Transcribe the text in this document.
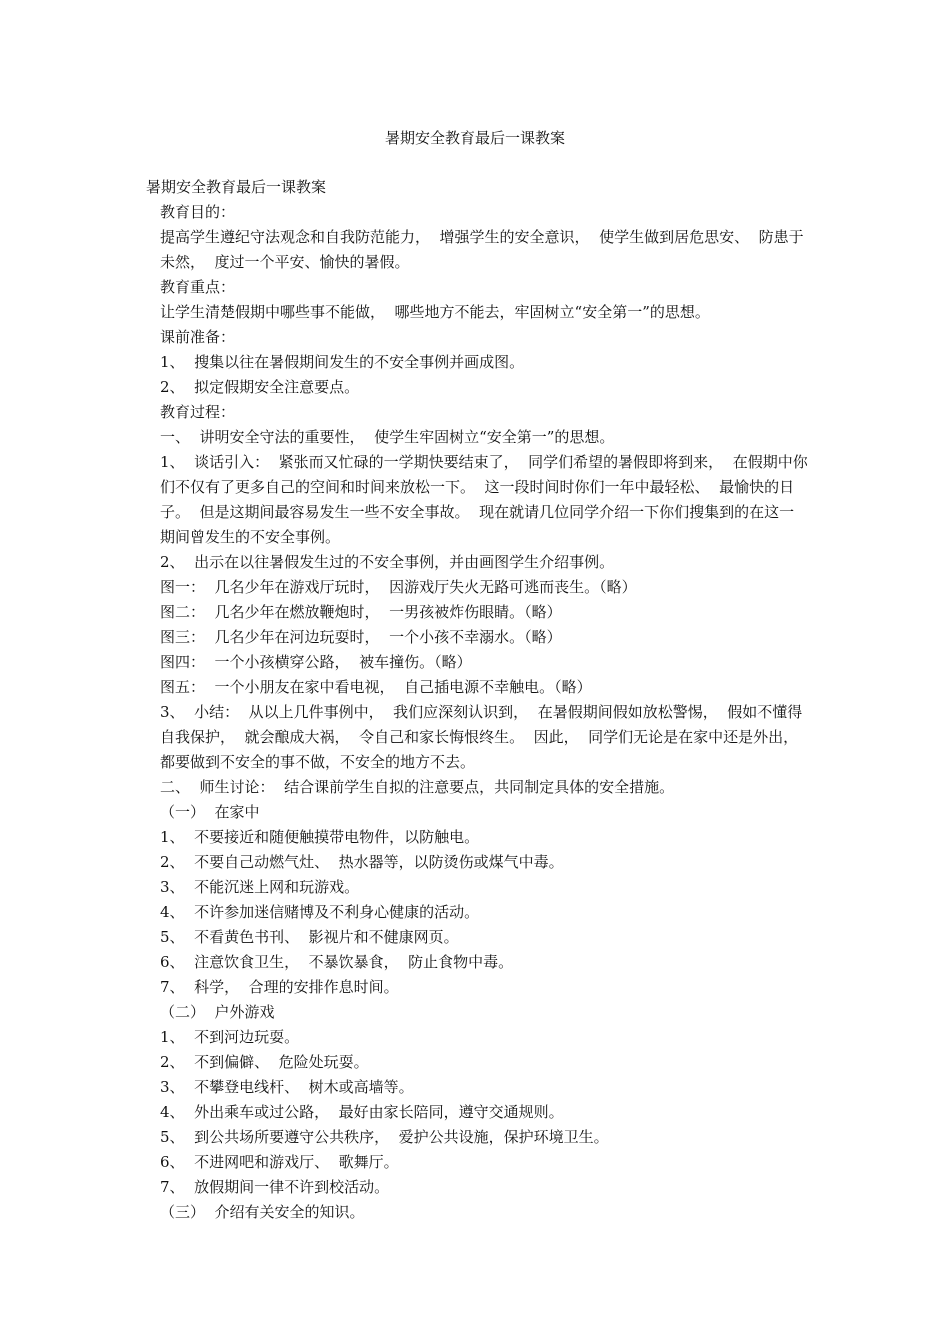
暑期安全教育最后一课教案

暑期安全教育最后一课教案

教育目的：

提高学生遵纪守法观念和自我防范能力，  增强学生的安全意识，  使学生做到居危思安、  防患于未然，  度过一个平安、愉快的暑假。

教育重点：

让学生清楚假期中哪些事不能做，  哪些地方不能去，牢固树立“安全第一”的思想。

课前准备：

1、  搜集以往在暑假期间发生的不安全事例并画成图。

2、  拟定假期安全注意要点。

教育过程：

一、  讲明安全守法的重要性，  使学生牢固树立“安全第一”的思想。

1、  谈话引入：  紧张而又忙碌的一学期快要结束了，  同学们希望的暑假即将到来，  在假期中你们不仅有了更多自己的空间和时间来放松一下。  这一段时间时你们一年中最轻松、  最愉快的日子。  但是这期间最容易发生一些不安全事故。  现在就请几位同学介绍一下你们搜集到的在这一期间曾发生的不安全事例。

2、  出示在以往暑假发生过的不安全事例，并由画图学生介绍事例。

图一：  几名少年在游戏厅玩时，  因游戏厅失火无路可逃而丧生。（略）

图二：  几名少年在燃放鞭炮时，  一男孩被炸伤眼睛。（略）

图三：  几名少年在河边玩耍时，  一个小孩不幸溺水。（略）

图四：  一个小孩横穿公路，  被车撞伤。（略）

图五：  一个小朋友在家中看电视，  自己插电源不幸触电。（略）

3、  小结：  从以上几件事例中，  我们应深刻认识到，  在暑假期间假如放松警惕，  假如不懂得自我保护，  就会酿成大祸，  令自己和家长悔恨终生。  因此，  同学们无论是在家中还是外出，  都要做到不安全的事不做，不安全的地方不去。

二、  师生讨论：  结合课前学生自拟的注意要点，共同制定具体的安全措施。

（一）  在家中

1、  不要接近和随便触摸带电物件，以防触电。

2、  不要自己动燃气灶、  热水器等，以防烫伤或煤气中毒。

3、  不能沉迷上网和玩游戏。

4、  不许参加迷信赌博及不利身心健康的活动。

5、  不看黄色书刊、  影视片和不健康网页。

6、  注意饮食卫生，  不暴饮暴食，  防止食物中毒。

7、  科学，  合理的安排作息时间。

（二）  户外游戏

1、  不到河边玩耍。

2、  不到偏僻、  危险处玩耍。

3、  不攀登电线杆、  树木或高墙等。

4、  外出乘车或过公路，  最好由家长陪同，遵守交通规则。

5、  到公共场所要遵守公共秩序，  爱护公共设施，保护环境卫生。

6、  不进网吧和游戏厅、  歌舞厅。

7、  放假期间一律不许到校活动。

（三）  介绍有关安全的知识。
